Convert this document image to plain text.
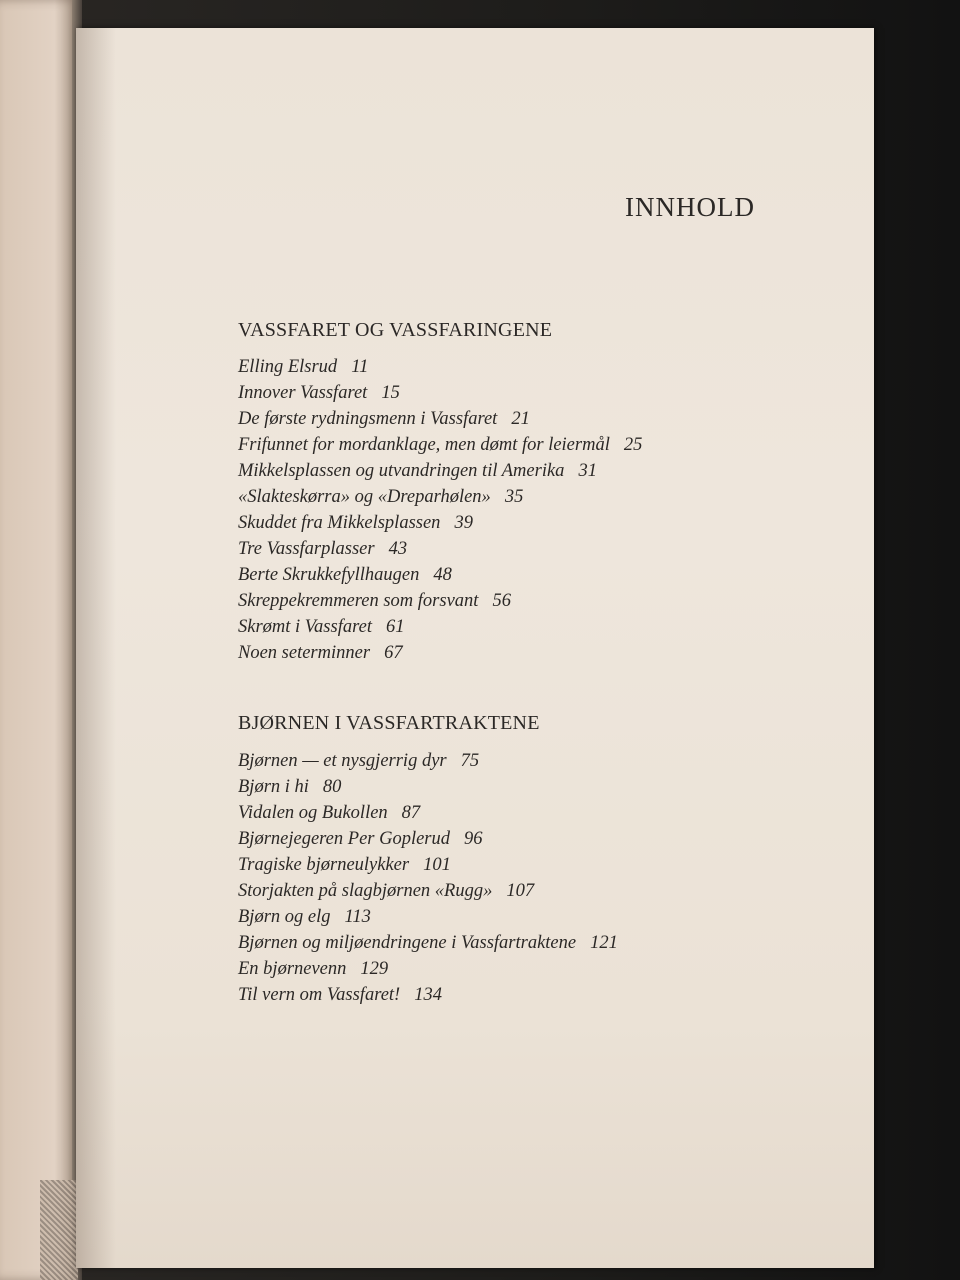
INNHOLD
VASSFARET OG VASSFARINGENE
Elling Elsrud 11
Innover Vassfaret 15
De første rydningsmenn i Vassfaret 21
Frifunnet for mordanklage, men dømt for leiermål 25
Mikkelsplassen og utvandringen til Amerika 31
«Slakteskørra» og «Dreparhølen» 35
Skuddet fra Mikkelsplassen 39
Tre Vassfarplasser 43
Berte Skrukkefyllhaugen 48
Skreppekremmeren som forsvant 56
Skrømt i Vassfaret 61
Noen seterminner 67
BJØRNEN I VASSFARTRAKTENE
Bjørnen — et nysgjerrig dyr 75
Bjørn i hi 80
Vidalen og Bukollen 87
Bjørnejegeren Per Goplerud 96
Tragiske bjørneulykker 101
Storjakten på slagbjørnen «Rugg» 107
Bjørn og elg 113
Bjørnen og miljøendringene i Vassfartraktene 121
En bjørnevenn 129
Til vern om Vassfaret! 134
